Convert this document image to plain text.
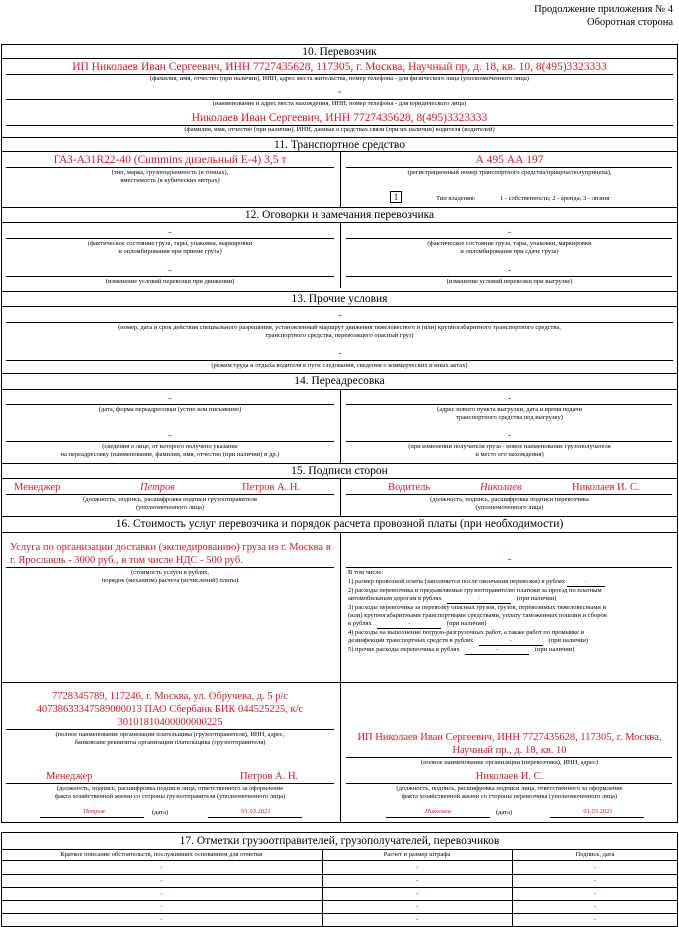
Продолжение приложения № 4
Оборотная сторона
10. Перевозчик
ИП Николаев Иван Сергеевич, ИНН 7727435628, 117305, г. Москва, Научный пр, д. 18, кв. 10, 8(495)3323333
(фамилия, имя, отчество (при наличии), ИНН, адрес места жительства, номер телефона - для физического лица (уполномоченного лица)
-
(наименование и адрес места нахождения, ИНН, номер телефона - для юридического лица)
Николаев Иван Сергеевич, ИНН 7727435628, 8(495)3323333
(фамилия, имя, отчество (при наличии), ИНН, данные о средствах связи (при их наличии) водителя (водителей)
11. Транспортное средство
ГАЗ-А31R22-40 (Cummins дизельный Е-4) 3,5 т
(тип, марка, грузоподъемность (в тоннах),
вместимость (в кубических метрах)
А 495 АА 197
(регистрационный номер транспортного средства/прицепа/полуприцепа),
1	Тип владения:	1 - собственность; 2 - аренда; 3 - лизинг
12. Оговорки и замечания перевозчика
-
(фактическое состояние груза, тары, упаковки, маркировки
и опломбирования при приеме груза)
-
(изменение условий перевозки при движении)
-
(фактическое состояние груза, тары, упаковки, маркировки
и опломбирования при сдаче груза)
-
(изменение условий перевозки при выгрузке)
13. Прочие условия
-
(номер, дата и срок действия специального разрешения, установленный маршрут движения тяжеловесного и (или) крупногабаритного транспортного средства,
транспортного средства, перевозящего опасный груз)
-
(режим труда и отдыха водителя в пути следования, сведения о коммерческих и иных актах)
14. Переадресовка
-
(дата, форма переадресовки (устно или письменно)
-
(сведения о лице, от которого получено указание
на переадресовку (наименование, фамилия, имя, отчество (при наличии) и др.)
-
(адрес нового пункта выгрузки, дата и время подачи
транспортного средства под выгрузку)
-
(при изменении получателя груза - новое наименование грузополучателя
и место его нахождения)
15. Подписи сторон
Менеджер	Петров	Петров А. Н.
(должность, подпись, расшифровка подписи грузоотправителя
(уполномоченного лица)
Водитель	Николаев	Николаев И. С.
(должность, подпись, расшифровка подписи перевозчика
(уполномоченного лица)
16. Стоимость услуг перевозчика и порядок расчета провозной платы (при необходимости)
Услуга по организации доставки (экспедированию) груза из г. Москва в
г. Ярославль - 3000 руб., в том числе НДС - 500 руб.
(стоимость услуги в рублях,
порядок (механизм) расчета (исчислений) платы)
-
В том числе:
1) размер провозной платы (заполняется после окончания перевозки) в рублях	-
2) расходы перевозчика и предъявляемые грузоотправителю платежи за проезд по платным
автомобильным дорогам в рублях	-	(при наличии)
3) расходы перевозчика за перевозку опасных грузов, грузов, перевозимых тяжеловесными и
(или) крупногабаритными транспортными средствами, уплату таможенных пошлин и сборов
в рублях	-	(при наличии)
4) расходы на выполнение погрузо-разгрузочных работ, а также работ по промывке и
дезинфекции транспортных средств в рублях	-	(при наличии)
5) прочие расходы перевозчика в рублях	-	(при наличии)
7728345789, 117246, г. Москва, ул. Обручева, д. 5 р/с
40738633347589000013 ПАО Сбербанк БИК 044525225, к/с
30101810400000000225
(полное наименование организации плательщика (грузоотправителя), ИНН, адрес,
банковские реквизиты организации плательщика (грузоотправителя)	ИП Николаев Иван Сергеевич, ИНН 7727435628, 117305, г. Москва,
Научный пр., д. 18, кв. 10
(полное наименование организации (перевозчика), ИНН, адрес)
Менеджер	Петров А. Н.
(должность, подпись, расшифровка подписи лица, ответственного за оформление
факта хозяйственной жизни со стороны грузоотправителя (уполномоченного лица)
Петров	(дата)	01.03.2021
Николаев И. С.
(должность, подпись, расшифровка подписи лица, ответственного за оформление
факта хозяйственной жизни со стороны перевозчика (уполномоченного лица)
Николаев	(дата)	01.03.2021
17. Отметки грузоотправителей, грузополучателей, перевозчиков
Краткое описание обстоятельств, послуживших основанием для отметки	Расчет и размер штрафа	Подпись, дата
-	-	-
-	-	-
-	-	-
-	-	-
-	-	-
